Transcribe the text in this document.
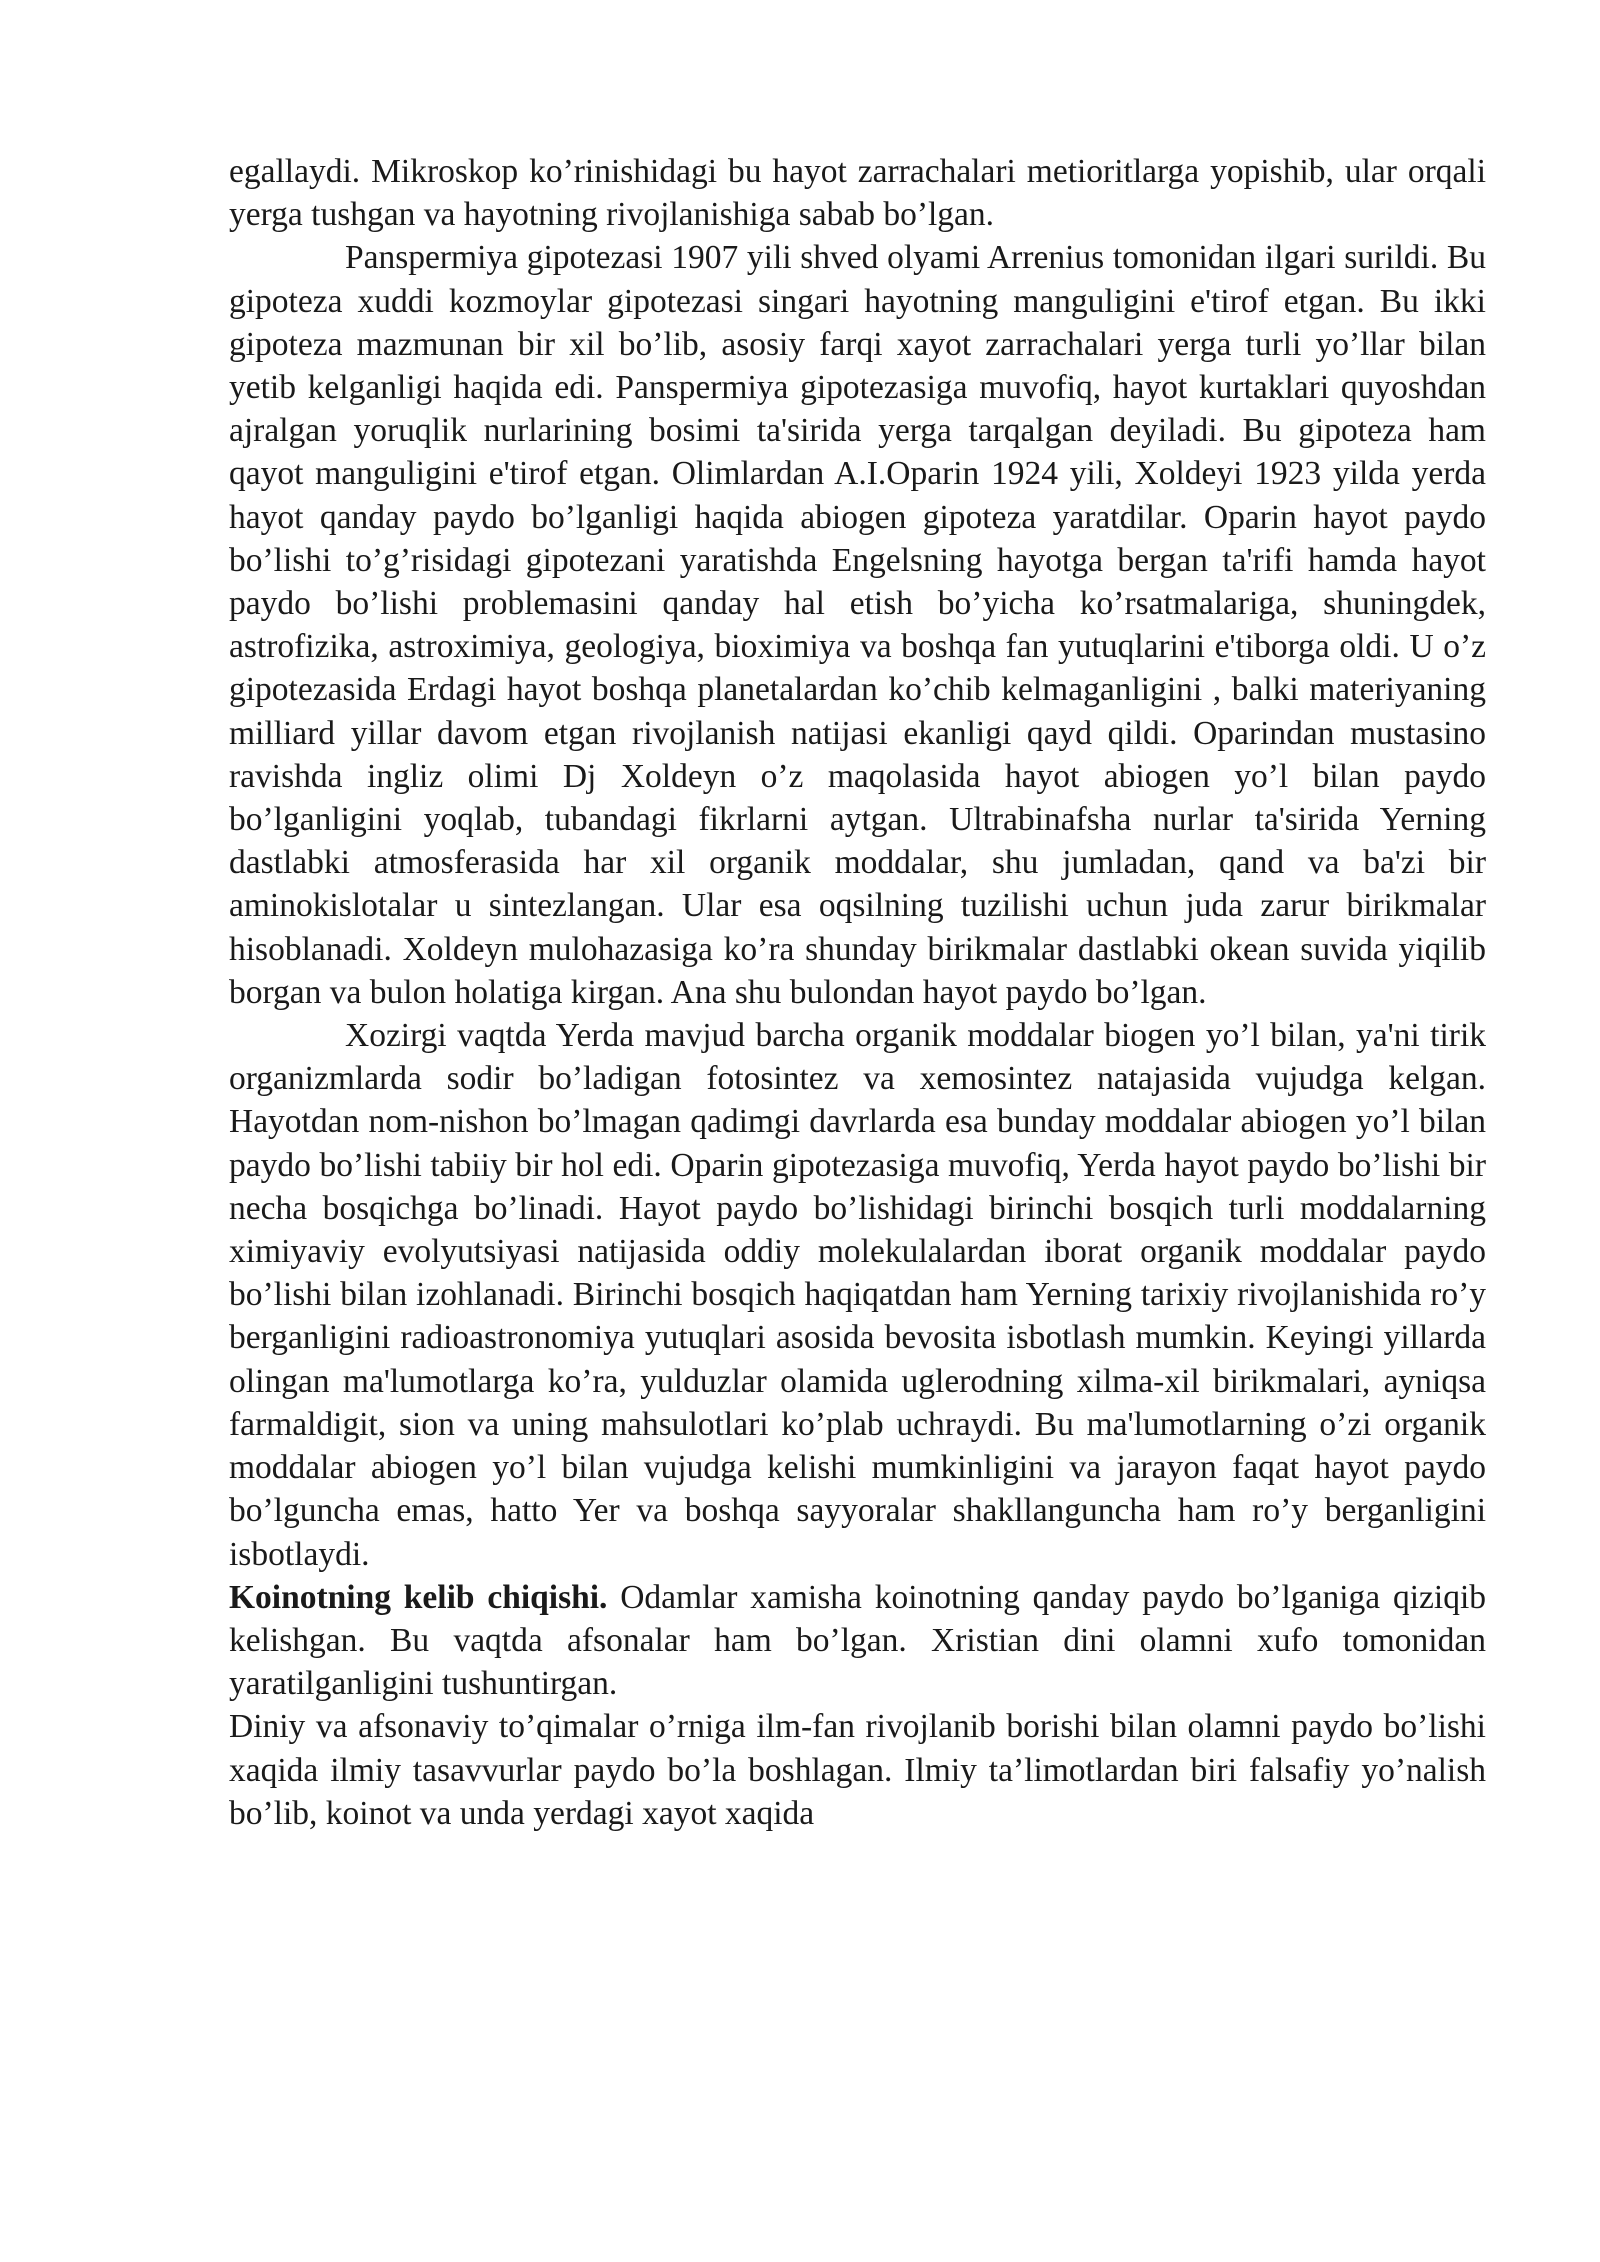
egallaydi. Mikroskop ko’rinishidagi bu hayot zarrachalari metioritlarga yopishib, ular orqali yerga tushgan va hayotning rivojlanishiga sabab bo’lgan.

Panspermiya gipotezasi 1907 yili shved olyami Arrenius tomonidan ilgari surildi. Bu gipoteza xuddi kozmoylar gipotezasi singari hayotning manguligini e'tirof etgan. Bu ikki gipoteza mazmunan bir xil bo’lib, asosiy farqi xayot zarrachalari yerga turli yo’llar bilan yetib kelganligi haqida edi. Panspermiya gipotezasiga muvofiq, hayot kurtaklari quyoshdan ajralgan yoruqlik nurlarining bosimi ta'sirida yerga tarqalgan deyiladi. Bu gipoteza ham qayot manguligini e'tirof etgan. Olimlardan A.I.Oparin 1924 yili, Xoldeyi 1923 yilda yerda hayot qanday paydo bo’lganligi haqida abiogen gipoteza yaratdilar. Oparin hayot paydo bo’lishi to’g’risidagi gipotezani yaratishda Engelsning hayotga bergan ta'rifi hamda hayot paydo bo’lishi problemasini qanday hal etish bo’yicha ko’rsatmalariga, shuningdek, astrofizika, astroximiya, geologiya, bioximiya va boshqa fan yutuqlarini e'tiborga oldi. U o’z gipotezasida Erdagi hayot boshqa planetalardan ko’chib kelmaganligini , balki materiyaning milliard yillar davom etgan rivojlanish natijasi ekanligi qayd qildi. Oparindan mustasino ravishda ingliz olimi Dj Xoldeyn o’z maqolasida hayot abiogen yo’l bilan paydo bo’lganligini yoqlab, tubandagi fikrlarni aytgan. Ultrabinafsha nurlar ta'sirida Yerning dastlabki atmosferasida har xil organik moddalar, shu jumladan, qand va ba'zi bir aminokislotalar u sintezlangan. Ular esa oqsilning tuzilishi uchun juda zarur birikmalar hisoblanadi. Xoldeyn mulohazasiga ko’ra shunday birikmalar dastlabki okean suvida yiqilib borgan va bulon holatiga kirgan. Ana shu bulondan hayot paydo bo’lgan.

Xozirgi vaqtda Yerda mavjud barcha organik moddalar biogen yo’l bilan, ya'ni tirik organizmlarda sodir bo’ladigan fotosintez va xemosintez natajasida vujudga kelgan. Hayotdan nom-nishon bo’lmagan qadimgi davrlarda esa bunday moddalar abiogen yo’l bilan paydo bo’lishi tabiiy bir hol edi. Oparin gipotezasiga muvofiq, Yerda hayot paydo bo’lishi bir necha bosqichga bo’linadi. Hayot paydo bo’lishidagi birinchi bosqich turli moddalarning ximiyaviy evolyutsiyasi natijasida oddiy molekulalardan iborat organik moddalar paydo bo’lishi bilan izohlanadi. Birinchi bosqich haqiqatdan ham Yerning tarixiy rivojlanishida ro’y berganligini radioastronomiya yutuqlari asosida bevosita isbotlash mumkin. Keyingi yillarda olingan ma'lumotlarga ko’ra, yulduzlar olamida uglerodning xilma-xil birikmalari, ayniqsa farmaldigit, sion va uning mahsulotlari ko’plab uchraydi. Bu ma'lumotlarning o’zi organik moddalar abiogen yo’l bilan vujudga kelishi mumkinligini va jarayon faqat hayot paydo bo’lguncha emas, hatto Yer va boshqa sayyoralar shakllanguncha ham ro’y berganligini isbotlaydi.

Koinotning kelib chiqishi. Odamlar xamisha koinotning qanday paydo bo’lganiga qiziqib kelishgan. Bu vaqtda afsonalar ham bo’lgan. Xristian dini olamni xufo tomonidan yaratilganligini tushuntirgan.

Diniy va afsonaviy to’qimalar o’rniga ilm-fan rivojlanib borishi bilan olamni paydo bo’lishi xaqida ilmiy tasavvurlar paydo bo’la boshlagan. Ilmiy ta’limotlardan biri falsafiy yo’nalish bo’lib, koinot va unda yerdagi xayot xaqida
